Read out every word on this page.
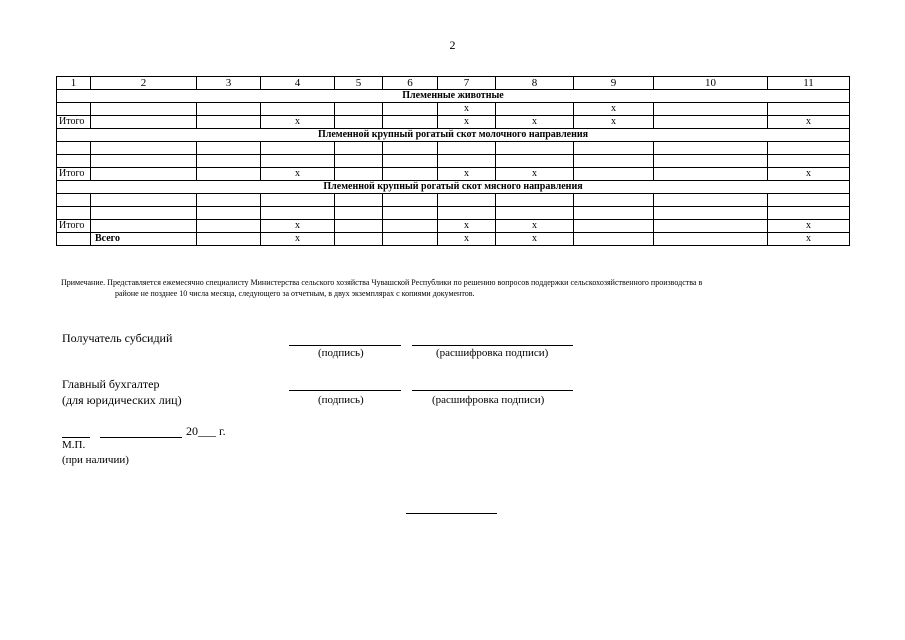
2
1	2	3	4	5	6	7	8	9	10	11
Племенные животные										
						x		x		
Итого			x			x	x	x		x
Племенной крупный рогатый скот молочного направления										

Итого			x			x	x			x
Племенной крупный рогатый скот мясного направления										

Итого			x			x	x			x
	Всего		x			x	x			x
Примечание. Представляется ежемесячно специалисту Министерства сельского хозяйства Чувашской Республики по решению вопросов поддержки сельскохозяйственного производства в
районе не позднее 10 числа месяца, следующего за отчетным, в двух экземплярах с копиями документов.
Получатель субсидий
(подпись)	(расшифровка подписи)
Главный бухгалтер
(для юридических лиц)	(подпись)	(расшифровка подписи)
20___ г.
М.П.
(при наличии)
